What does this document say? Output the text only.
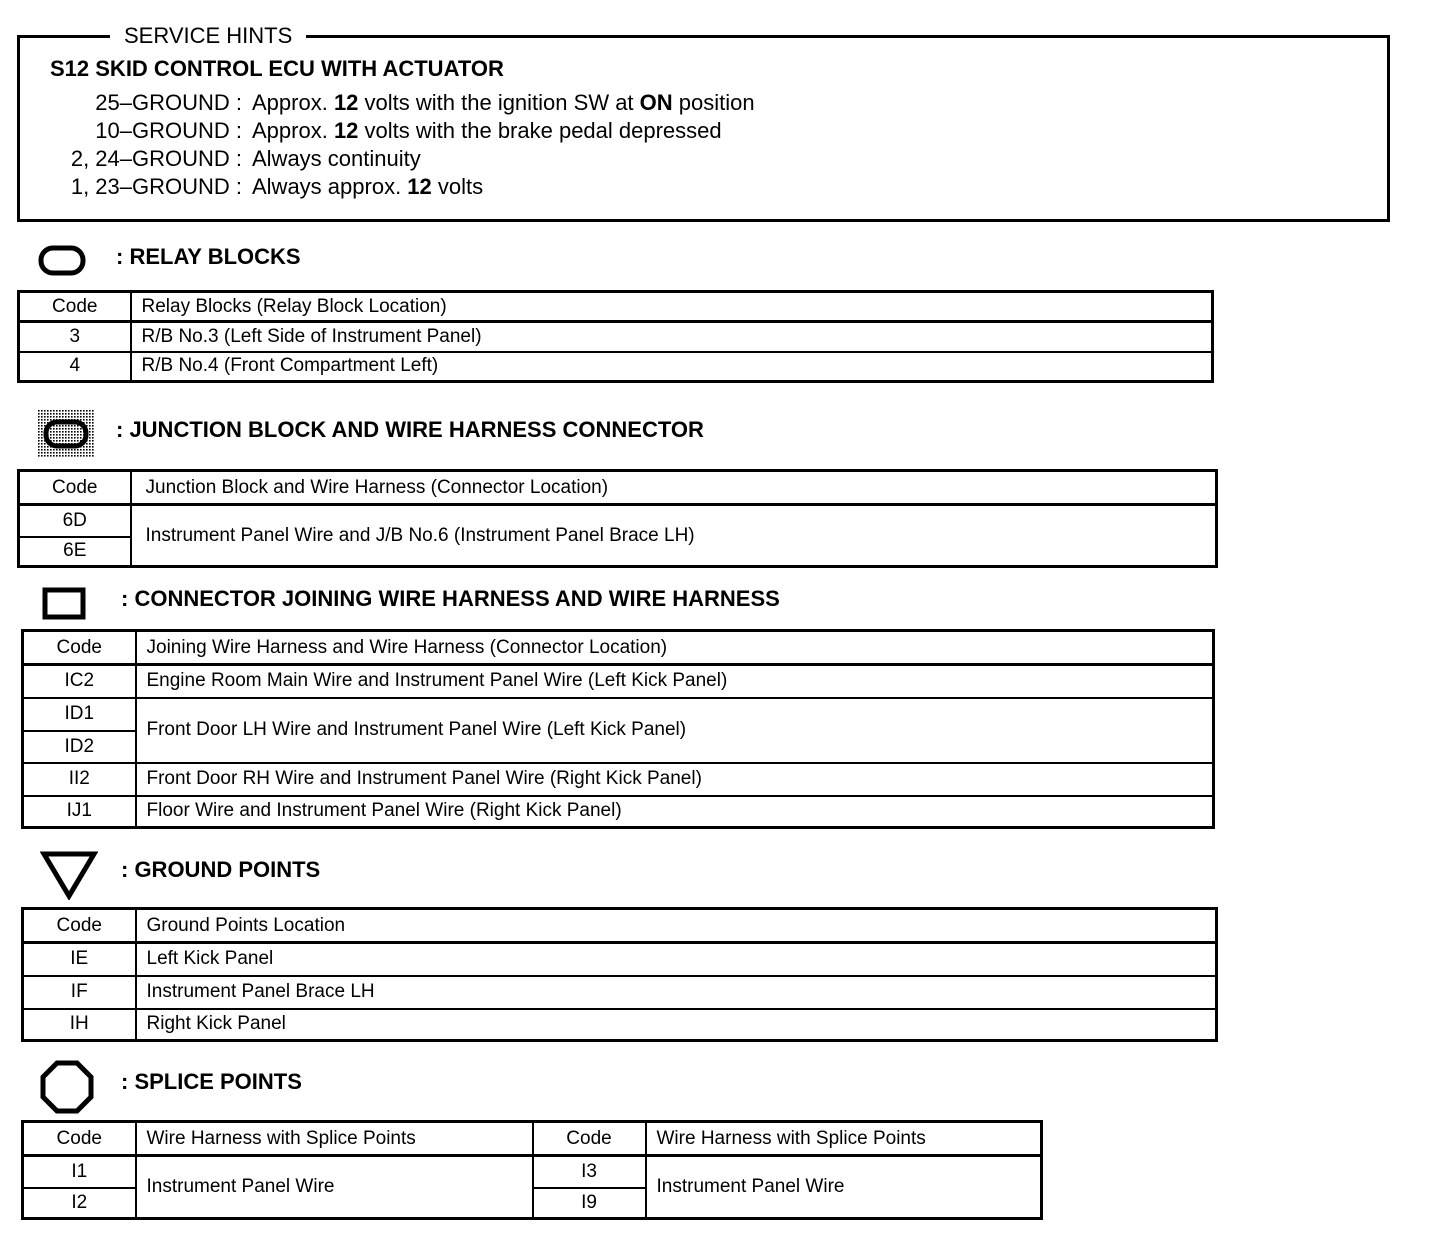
SERVICE HINTS
S12 SKID CONTROL ECU WITH ACTUATOR
25–GROUND : Approx. 12 volts with the ignition SW at ON position
10–GROUND : Approx. 12 volts with the brake pedal depressed
2, 24–GROUND : Always continuity
1, 23–GROUND : Always approx. 12 volts
: RELAY BLOCKS
Code	Relay Blocks (Relay Block Location)
3	R/B No.3 (Left Side of Instrument Panel)
4	R/B No.4 (Front Compartment Left)
: JUNCTION BLOCK AND WIRE HARNESS CONNECTOR
Code	Junction Block and Wire Harness (Connector Location)
6D	Instrument Panel Wire and J/B No.6 (Instrument Panel Brace LH)
6E	
: CONNECTOR JOINING WIRE HARNESS AND WIRE HARNESS
Code	Joining Wire Harness and Wire Harness (Connector Location)
IC2	Engine Room Main Wire and Instrument Panel Wire (Left Kick Panel)
ID1	Front Door LH Wire and Instrument Panel Wire (Left Kick Panel)
ID2	
II2	Front Door RH Wire and Instrument Panel Wire (Right Kick Panel)
IJ1	Floor Wire and Instrument Panel Wire (Right Kick Panel)
: GROUND POINTS
Code	Ground Points Location
IE	Left Kick Panel
IF	Instrument Panel Brace LH
IH	Right Kick Panel
: SPLICE POINTS
Code	Wire Harness with Splice Points	Code	Wire Harness with Splice Points
I1	Instrument Panel Wire	I3	Instrument Panel Wire
I2		I9	
